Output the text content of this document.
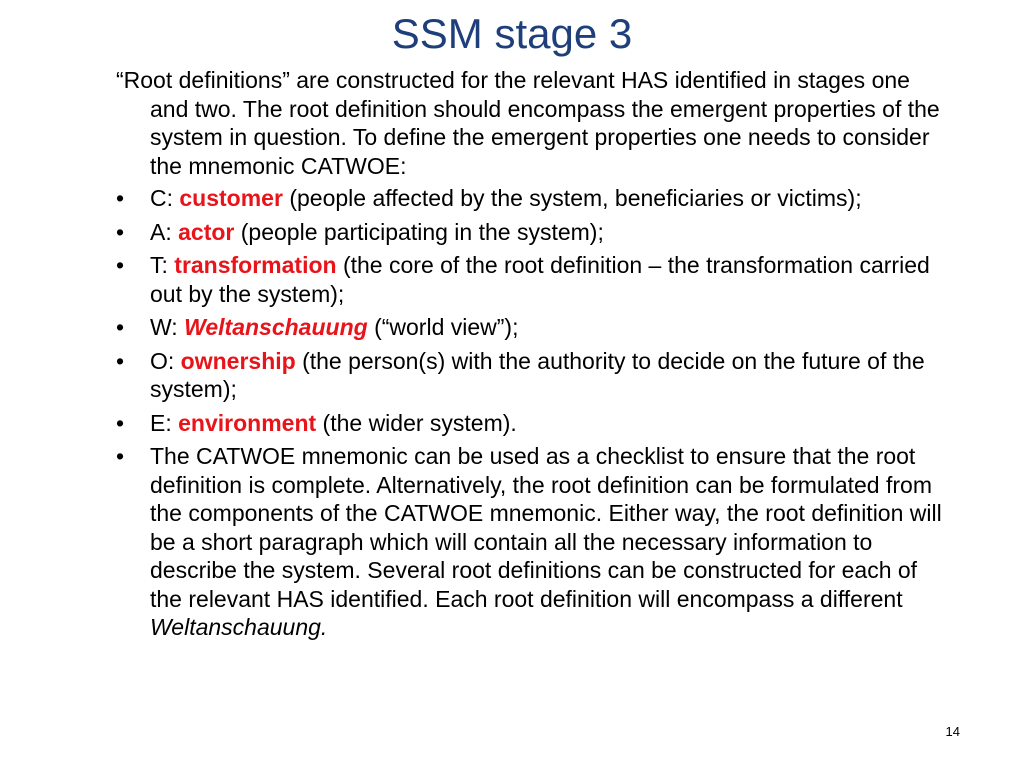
SSM stage 3

“Root definitions” are constructed for the relevant HAS identified in stages one and two. The root definition should encompass the emergent properties of the system in question. To define the emergent properties one needs to consider the mnemonic CATWOE:

•	C: customer (people affected by the system, beneficiaries or victims);
•	A: actor (people participating in the system);
•	T: transformation (the core of the root definition – the transformation carried out by the system);
•	W: Weltanschauung (“world view”);
•	O: ownership (the person(s) with the authority to decide on the future of the system);
•	E: environment (the wider system).
•	The CATWOE mnemonic can be used as a checklist to ensure that the root definition is complete. Alternatively, the root definition can be formulated from the components of the CATWOE mnemonic. Either way, the root definition will be a short paragraph which will contain all the necessary information to describe the system. Several root definitions can be constructed for each of the relevant HAS identified. Each root definition will encompass a different Weltanschauung.
14
